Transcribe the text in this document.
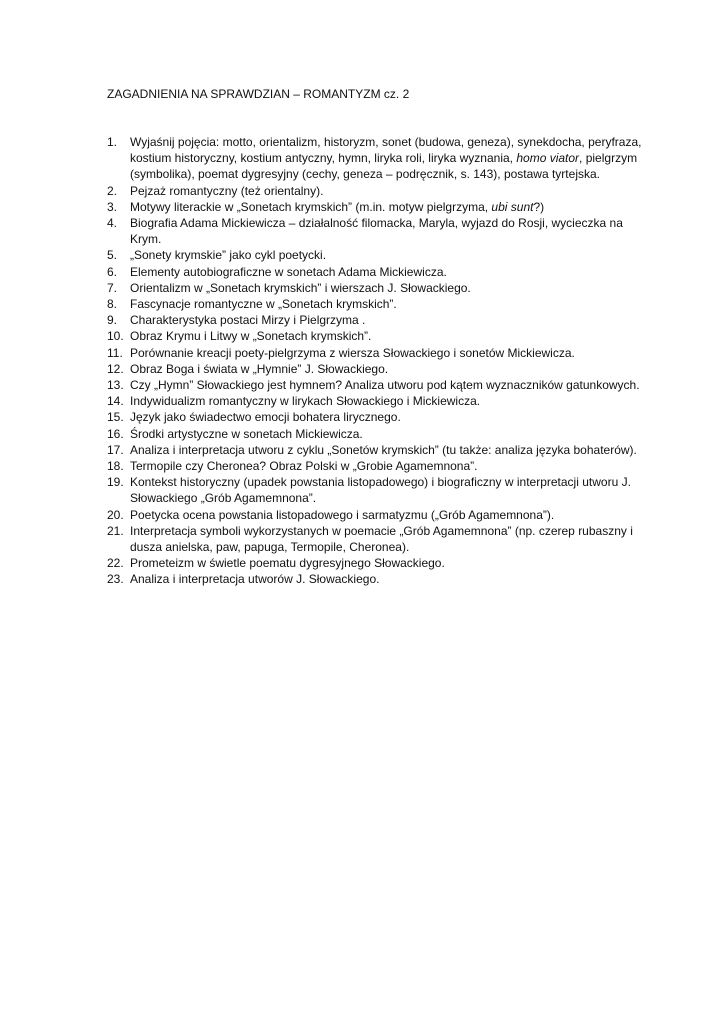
ZAGADNIENIA NA SPRAWDZIAN – ROMANTYZM cz. 2
1.	Wyjaśnij pojęcia: motto, orientalizm, historyzm, sonet (budowa, geneza), synekdocha, peryfraza, kostium historyczny, kostium antyczny, hymn, liryka roli, liryka wyznania, homo viator, pielgrzym (symbolika), poemat dygresyjny (cechy, geneza – podręcznik, s. 143), postawa tyrtejska.
2.	Pejzaż romantyczny (też orientalny).
3.	Motywy literackie w „Sonetach krymskich” (m.in. motyw pielgrzyma, ubi sunt?)
4.	Biografia Adama Mickiewicza – działalność filomacka, Maryla, wyjazd do Rosji, wycieczka na Krym.
5.	„Sonety krymskie” jako cykl poetycki.
6.	Elementy autobiograficzne w sonetach Adama Mickiewicza.
7.	Orientalizm w „Sonetach krymskich” i wierszach J. Słowackiego.
8.	Fascynacje romantyczne w „Sonetach krymskich”.
9.	Charakterystyka postaci Mirzy i Pielgrzyma .
10. Obraz Krymu i Litwy w „Sonetach krymskich”.
11. Porównanie kreacji poety-pielgrzyma z wiersza Słowackiego i sonetów Mickiewicza.
12. Obraz Boga i świata w „Hymnie” J. Słowackiego.
13. Czy „Hymn” Słowackiego jest hymnem? Analiza utworu pod kątem wyznaczników gatunkowych.
14. Indywidualizm romantyczny w lirykach Słowackiego i Mickiewicza.
15. Język jako świadectwo emocji bohatera lirycznego.
16. Środki artystyczne w sonetach Mickiewicza.
17. Analiza i interpretacja utworu z cyklu „Sonetów krymskich” (tu także: analiza języka bohaterów).
18. Termopile czy Cheronea? Obraz Polski w „Grobie Agamemnona”.
19. Kontekst historyczny (upadek powstania listopadowego) i biograficzny w interpretacji utworu J. Słowackiego „Grób Agamemnona”.
20. Poetycka ocena powstania listopadowego i sarmatyzmu („Grób Agamemnona”).
21. Interpretacja symboli wykorzystanych w poemacie „Grób Agamemnona” (np. czerep rubaszny i dusza anielska, paw, papuga, Termopile, Cheronea).
22. Prometeizm w świetle poematu dygresyjnego Słowackiego.
23. Analiza i interpretacja utworów J. Słowackiego.
